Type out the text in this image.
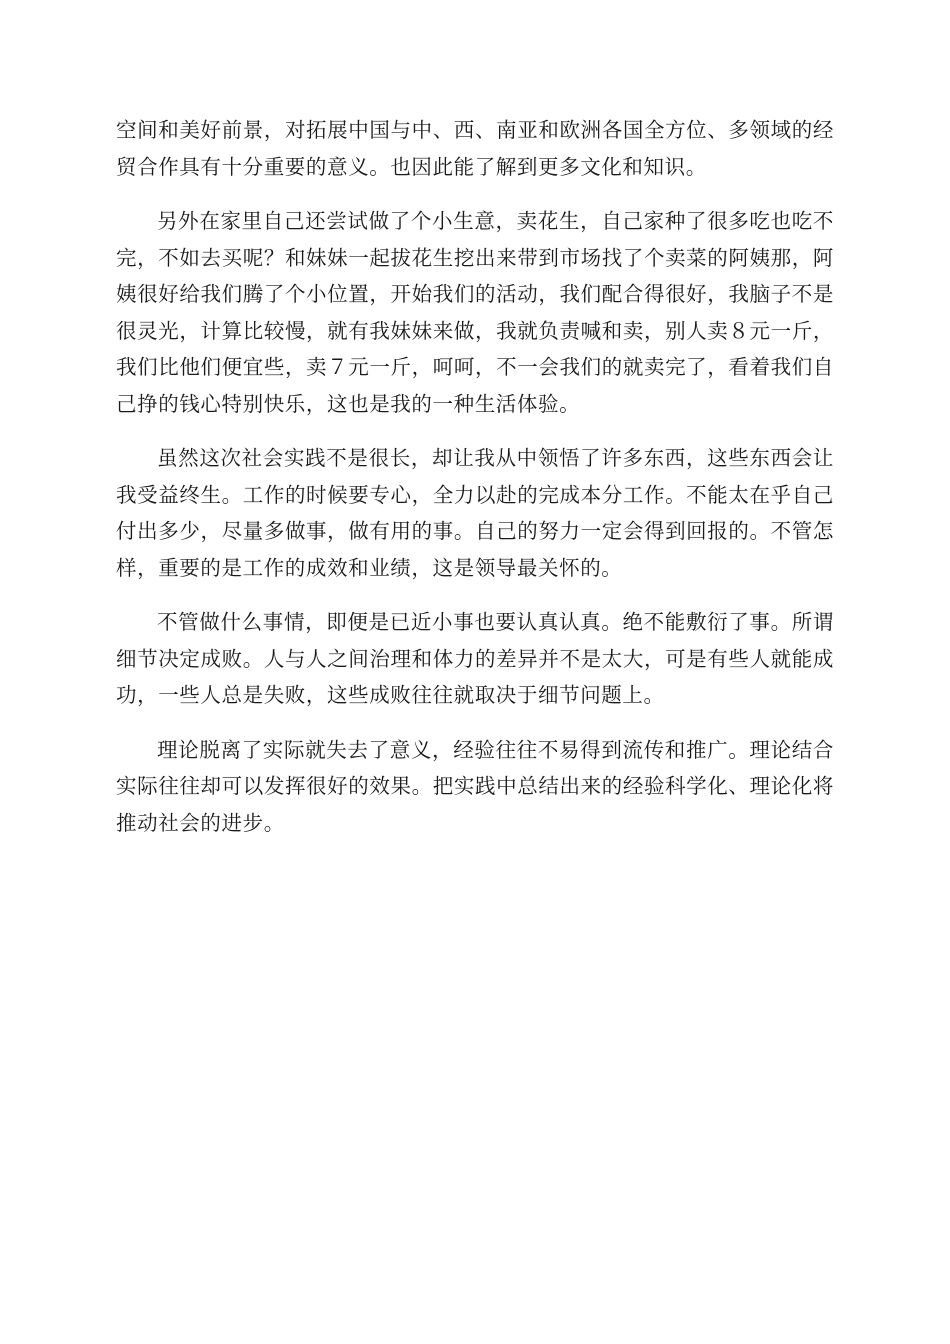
空间和美好前景，对拓展中国与中、西、南亚和欧洲各国全方位、多领域的经贸合作具有十分重要的意义。也因此能了解到更多文化和知识。

另外在家里自己还尝试做了个小生意，卖花生，自己家种了很多吃也吃不完，不如去买呢？和妹妹一起拔花生挖出来带到市场找了个卖菜的阿姨那，阿姨很好给我们腾了个小位置，开始我们的活动，我们配合得很好，我脑子不是很灵光，计算比较慢，就有我妹妹来做，我就负责喊和卖，别人卖８元一斤，我们比他们便宜些，卖７元一斤，呵呵，不一会我们的就卖完了，看着我们自己挣的钱心特别快乐，这也是我的一种生活体验。

虽然这次社会实践不是很长，却让我从中领悟了许多东西，这些东西会让我受益终生。工作的时候要专心，全力以赴的完成本分工作。不能太在乎自己付出多少，尽量多做事，做有用的事。自己的努力一定会得到回报的。不管怎样，重要的是工作的成效和业绩，这是领导最关怀的。

不管做什么事情，即便是已近小事也要认真认真。绝不能敷衍了事。所谓细节决定成败。人与人之间治理和体力的差异并不是太大，可是有些人就能成功，一些人总是失败，这些成败往往就取决于细节问题上。

理论脱离了实际就失去了意义，经验往往不易得到流传和推广。理论结合实际往往却可以发挥很好的效果。把实践中总结出来的经验科学化、理论化将推动社会的进步。
